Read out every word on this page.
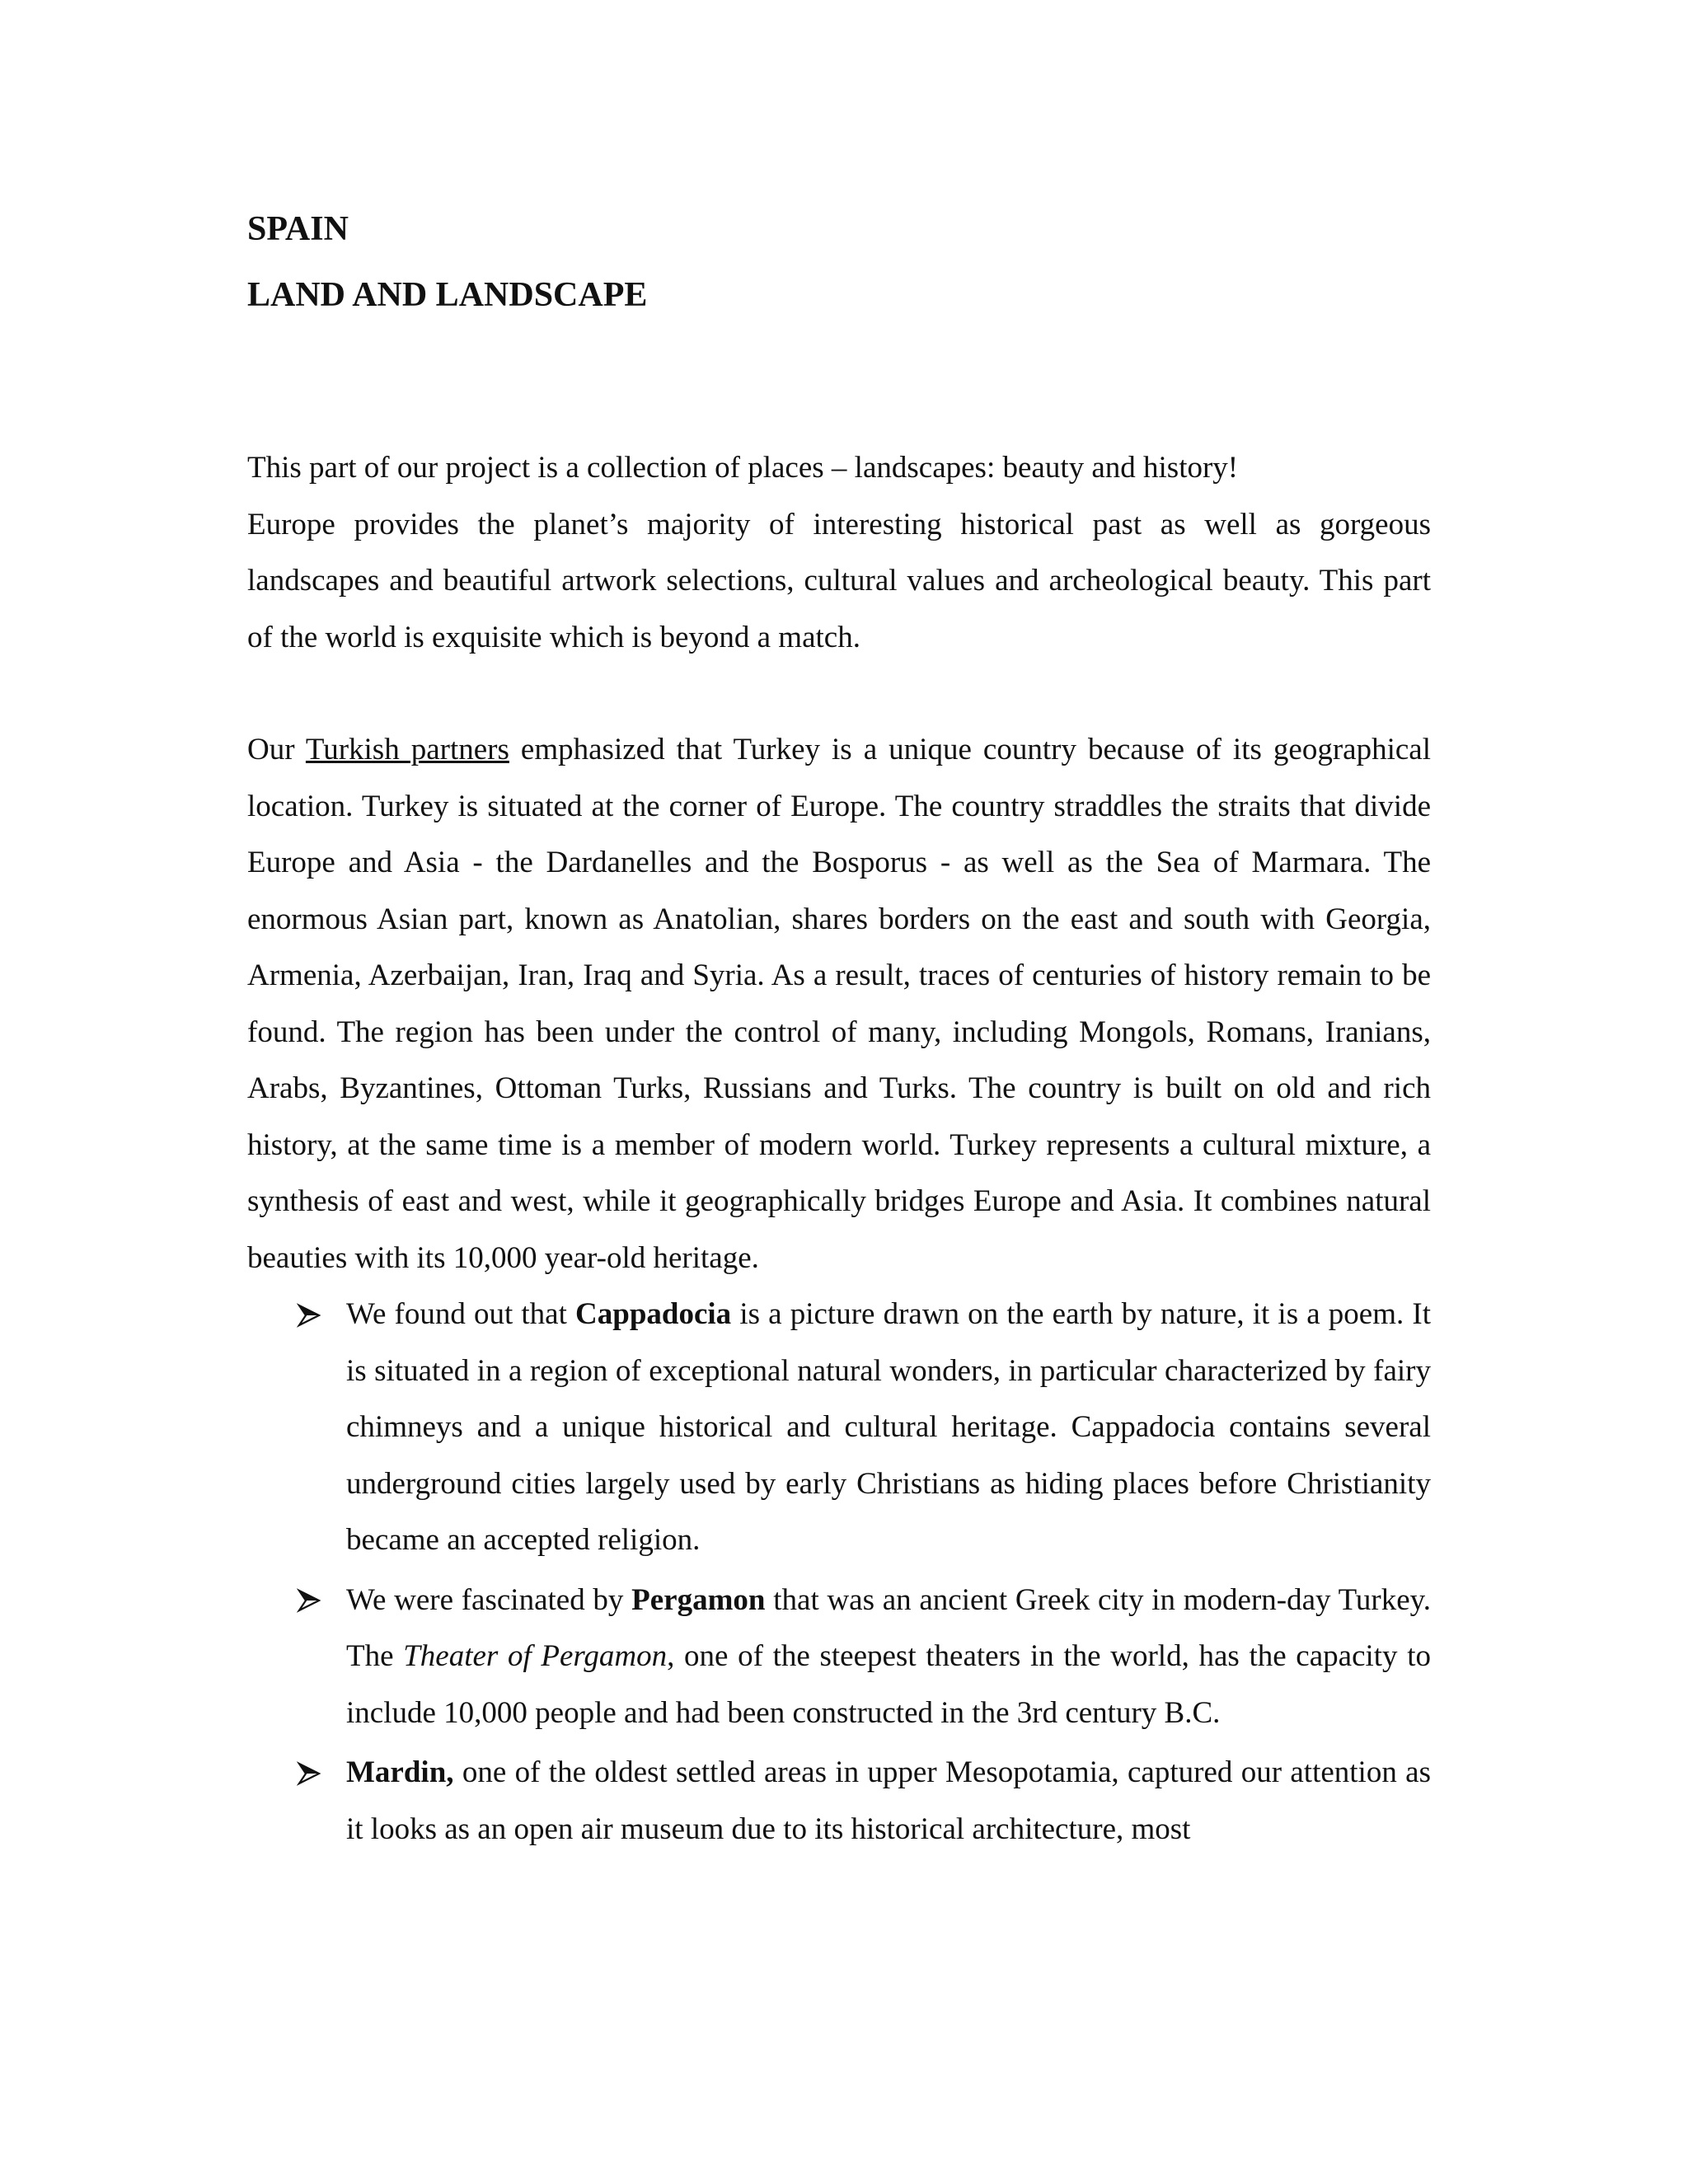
SPAIN
LAND AND LANDSCAPE

This part of our project is a collection of places – landscapes: beauty and history!

Europe provides the planet’s majority of interesting historical past as well as gorgeous landscapes and beautiful artwork selections, cultural values and archeological beauty. This part of the world is exquisite which is beyond a match.

Our Turkish partners emphasized that Turkey is a unique country because of its geographical location. Turkey is situated at the corner of Europe. The country straddles the straits that divide Europe and Asia - the Dardanelles and the Bosporus - as well as the Sea of Marmara. The enormous Asian part, known as Anatolian, shares borders on the east and south with Georgia, Armenia, Azerbaijan, Iran, Iraq and Syria. As a result, traces of centuries of history remain to be found. The region has been under the control of many, including Mongols, Romans, Iranians, Arabs, Byzantines, Ottoman Turks, Russians and Turks. The country is built on old and rich history, at the same time is a member of modern world. Turkey represents a cultural mixture, a synthesis of east and west, while it geographically bridges Europe and Asia. It combines natural beauties with its 10,000 year-old heritage.

We found out that Cappadocia is a picture drawn on the earth by nature, it is a poem. It is situated in a region of exceptional natural wonders, in particular characterized by fairy chimneys and a unique historical and cultural heritage. Cappadocia contains several underground cities largely used by early Christians as hiding places before Christianity became an accepted religion.
We were fascinated by Pergamon that was an ancient Greek city in modern-day Turkey. The Theater of Pergamon, one of the steepest theaters in the world, has the capacity to include 10,000 people and had been constructed in the 3rd century B.C.
Mardin, one of the oldest settled areas in upper Mesopotamia, captured our attention as it looks as an open air museum due to its historical architecture, most
